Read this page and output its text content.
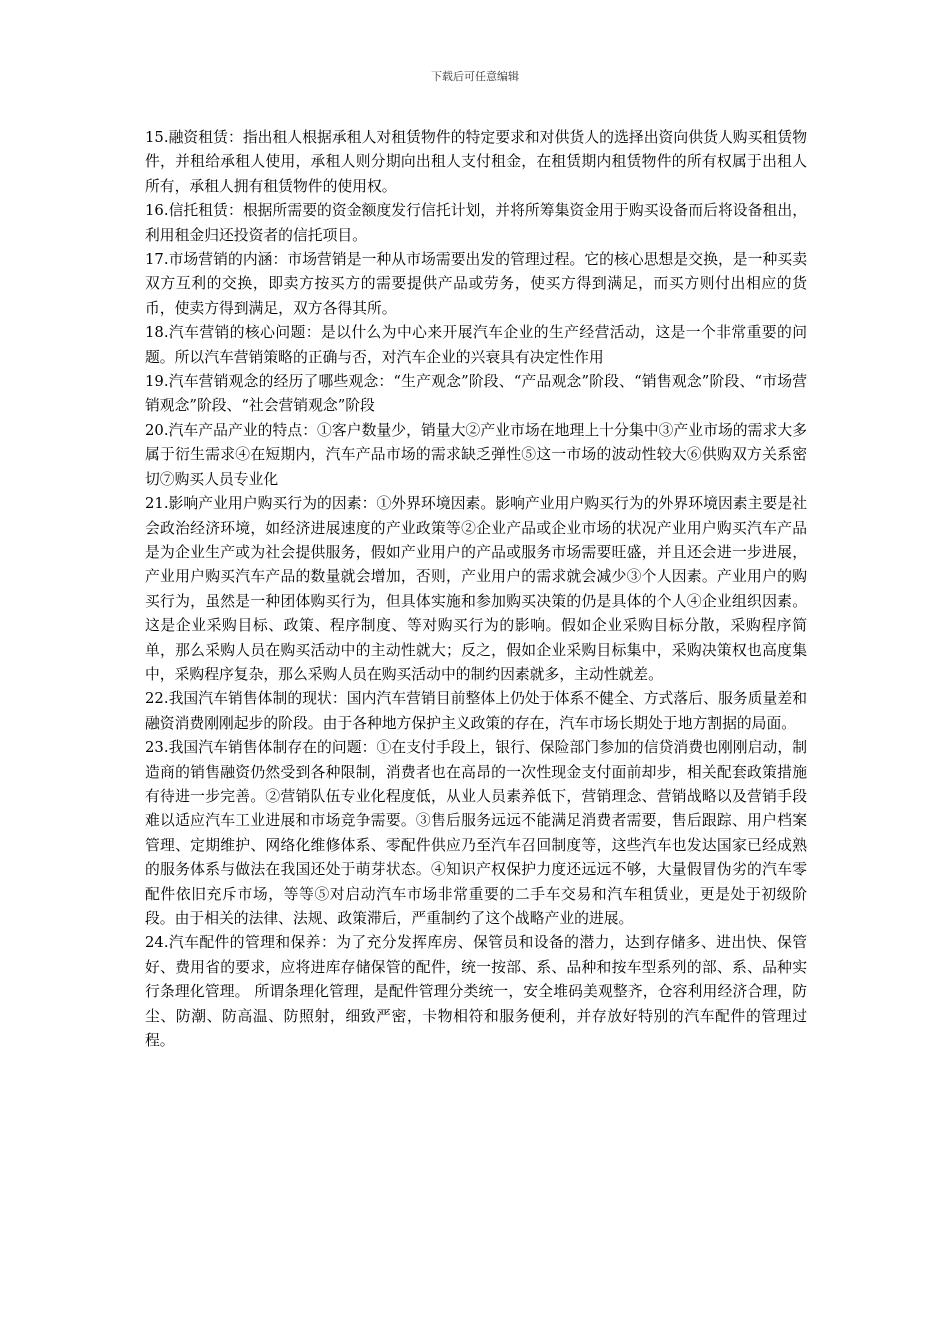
下载后可任意编辑

15.融资租赁：指出租人根据承租人对租赁物件的特定要求和对供货人的选择出资向供货人购买租赁物件，并租给承租人使用，承租人则分期向出租人支付租金，在租赁期内租赁物件的所有权属于出租人所有，承租人拥有租赁物件的使用权。

16.信托租赁：根据所需要的资金额度发行信托计划，并将所筹集资金用于购买设备而后将设备租出，利用租金归还投资者的信托项目。

17.市场营销的内涵：市场营销是一种从市场需要出发的管理过程。它的核心思想是交换，是一种买卖双方互利的交换，即卖方按买方的需要提供产品或劳务，使买方得到满足，而买方则付出相应的货币，使卖方得到满足，双方各得其所。

18.汽车营销的核心问题：是以什么为中心来开展汽车企业的生产经营活动，这是一个非常重要的问题。所以汽车营销策略的正确与否，对汽车企业的兴衰具有决定性作用

19.汽车营销观念的经历了哪些观念：“生产观念”阶段、“产品观念”阶段、“销售观念”阶段、“市场营销观念”阶段、“社会营销观念”阶段

20.汽车产品产业的特点：①客户数量少，销量大②产业市场在地理上十分集中③产业市场的需求大多属于衍生需求④在短期内，汽车产品市场的需求缺乏弹性⑤这一市场的波动性较大⑥供购双方关系密切⑦购买人员专业化

21.影响产业用户购买行为的因素：①外界环境因素。影响产业用户购买行为的外界环境因素主要是社会政治经济环境，如经济进展速度的产业政策等②企业产品或企业市场的状况产业用户购买汽车产品是为企业生产或为社会提供服务，假如产业用户的产品或服务市场需要旺盛，并且还会进一步进展，产业用户购买汽车产品的数量就会增加，否则，产业用户的需求就会减少③个人因素。产业用户的购买行为，虽然是一种团体购买行为，但具体实施和参加购买决策的仍是具体的个人④企业组织因素。这是企业采购目标、政策、程序制度、等对购买行为的影响。假如企业采购目标分散，采购程序简单，那么采购人员在购买活动中的主动性就大；反之，假如企业采购目标集中，采购决策权也高度集中，采购程序复杂，那么采购人员在购买活动中的制约因素就多，主动性就差。

22.我国汽车销售体制的现状：国内汽车营销目前整体上仍处于体系不健全、方式落后、服务质量差和融资消费刚刚起步的阶段。由于各种地方保护主义政策的存在，汽车市场长期处于地方割据的局面。

23.我国汽车销售体制存在的问题：①在支付手段上，银行、保险部门参加的信贷消费也刚刚启动，制造商的销售融资仍然受到各种限制，消费者也在高昂的一次性现金支付面前却步，相关配套政策措施有待进一步完善。②营销队伍专业化程度低，从业人员素养低下，营销理念、营销战略以及营销手段难以适应汽车工业进展和市场竞争需要。③售后服务远远不能满足消费者需要，售后跟踪、用户档案管理、定期维护、网络化维修体系、零配件供应乃至汽车召回制度等，这些汽车也发达国家已经成熟的服务体系与做法在我国还处于萌芽状态。④知识产权保护力度还远远不够，大量假冒伪劣的汽车零配件依旧充斥市场，等等⑤对启动汽车市场非常重要的二手车交易和汽车租赁业，更是处于初级阶段。由于相关的法律、法规、政策滞后，严重制约了这个战略产业的进展。

24.汽车配件的管理和保养：为了充分发挥库房、保管员和设备的潜力，达到存储多、进出快、保管好、费用省的要求，应将进库存储保管的配件，统一按部、系、品种和按车型系列的部、系、品种实行条理化管理。 所谓条理化管理，是配件管理分类统一，安全堆码美观整齐，仓容利用经济合理，防尘、防潮、防高温、防照射，细致严密，卡物相符和服务便利，并存放好特别的汽车配件的管理过程。
